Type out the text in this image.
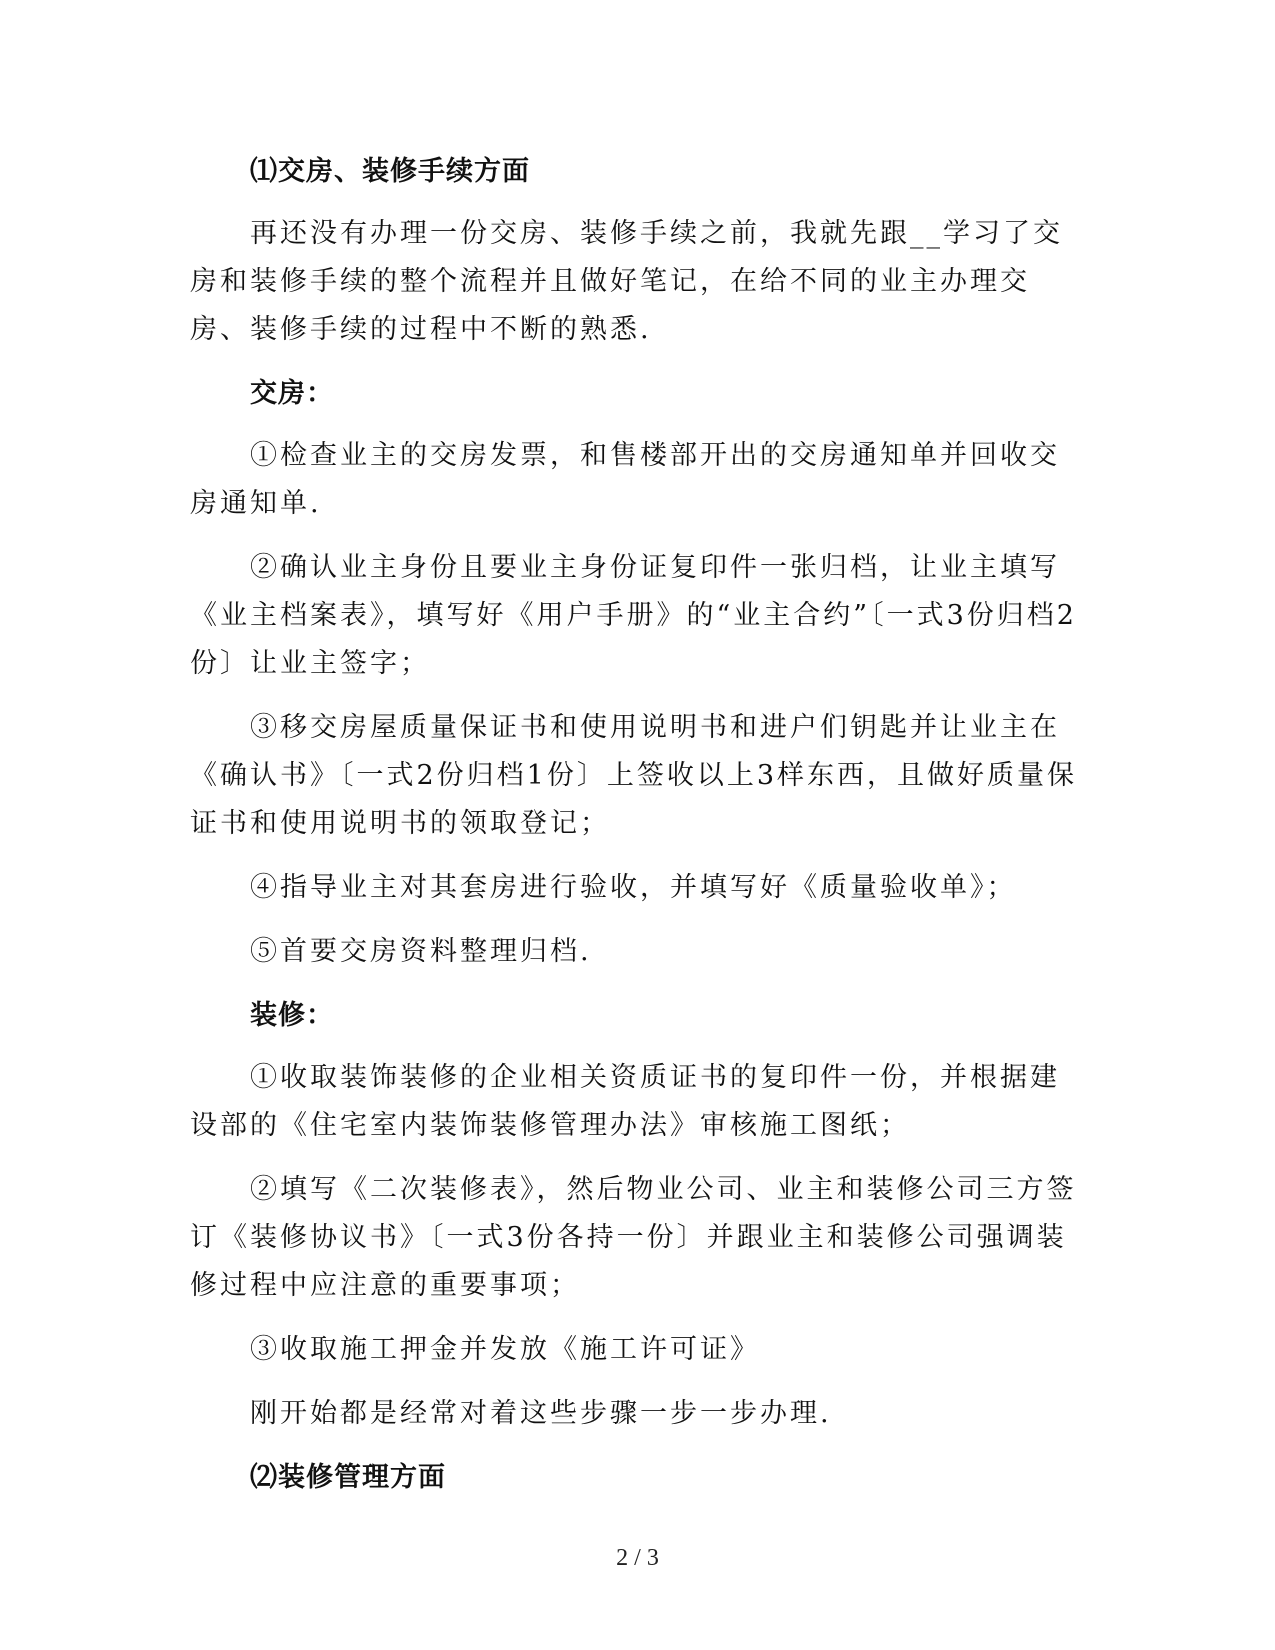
⑴交房、装修手续方面

再还没有办理一份交房、装修手续之前，我就先跟__学习了交房和装修手续的整个流程并且做好笔记，在给不同的业主办理交房、装修手续的过程中不断的熟悉.

交房：

①检查业主的交房发票，和售楼部开出的交房通知单并回收交房通知单.

②确认业主身份且要业主身份证复印件一张归档，让业主填写《业主档案表》，填写好《用户手册》的“业主合约”〔一式3份归档2份〕让业主签字；

③移交房屋质量保证书和使用说明书和进户们钥匙并让业主在《确认书》〔一式2份归档1份〕上签收以上3样东西，且做好质量保证书和使用说明书的领取登记；

④指导业主对其套房进行验收，并填写好《质量验收单》；

⑤首要交房资料整理归档.

装修：

①收取装饰装修的企业相关资质证书的复印件一份，并根据建设部的《住宅室内装饰装修管理办法》审核施工图纸；

②填写《二次装修表》，然后物业公司、业主和装修公司三方签订《装修协议书》〔一式3份各持一份〕并跟业主和装修公司强调装修过程中应注意的重要事项；

③收取施工押金并发放《施工许可证》

刚开始都是经常对着这些步骤一步一步办理.

⑵装修管理方面

2 / 3
